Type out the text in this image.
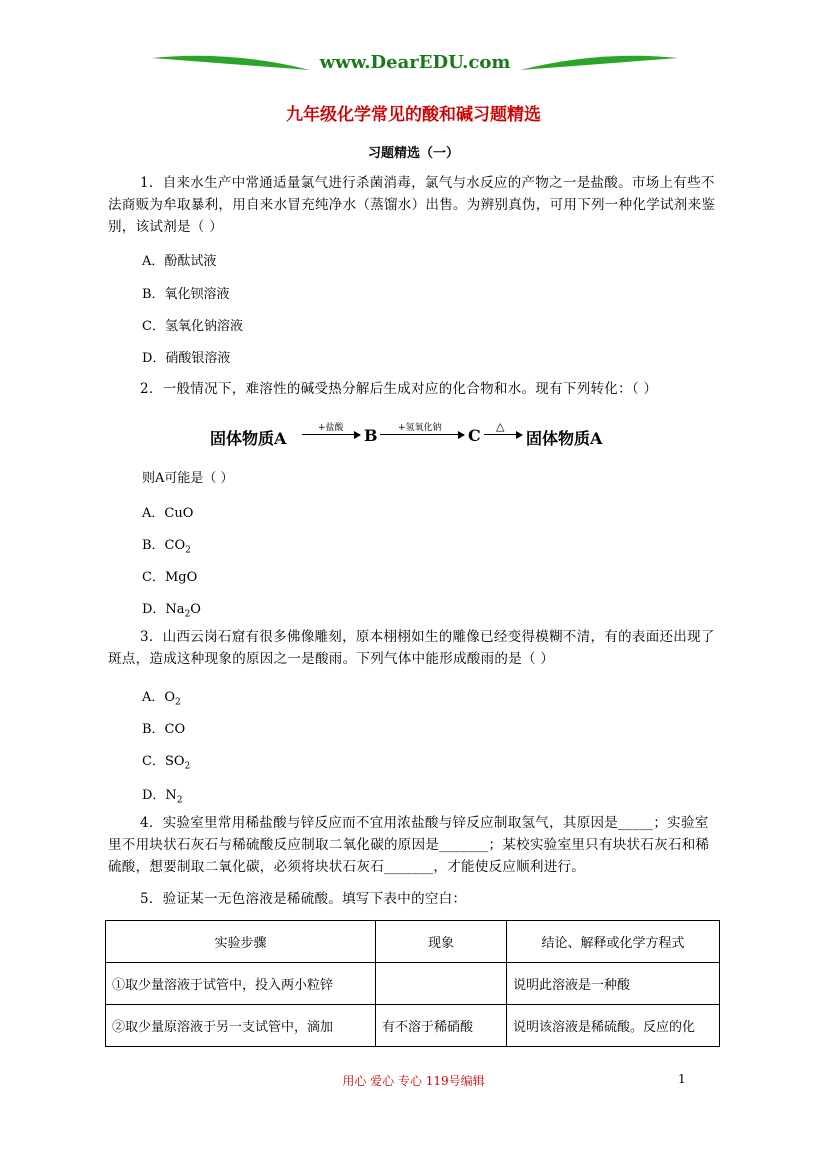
www.DearEDU.com
九年级化学常见的酸和碱习题精选
习题精选（一）
1．自来水生产中常通适量氯气进行杀菌消毒，氯气与水反应的产物之一是盐酸。市场上有些不法商贩为牟取暴利，用自来水冒充纯净水（蒸馏水）出售。为辨别真伪，可用下列一种化学试剂来鉴别，该试剂是（ ）
A．酚酞试液
B．氧化钡溶液
C．氢氧化钠溶液
D．硝酸银溶液
2．一般情况下，难溶性的碱受热分解后生成对应的化合物和水。现有下列转化：（ ）
固体物质A
+盐酸 → B +氢氧化钠 C △
→ 固体物质A
则A可能是（ ）
A．CuO
B．$CO_2$
C．MgO
D．$Na_2O$
3．山西云岗石窟有很多佛像雕刻，原本栩栩如生的雕像已经变得模糊不清，有的表面还出现了斑点，造成这种现象的原因之一是酸雨。下列气体中能形成酸雨的是（ ）
A．$O_2$
B．CO
C．$SO_2$
D．$N_2$
4．实验室里常用稀盐酸与锌反应而不宜用浓盐酸与锌反应制取氢气，其原因是_____；实验室里不用块状石灰石与稀硫酸反应制取二氧化碳的原因是_______；某校实验室里只有块状石灰石和稀硫酸，想要制取二氧化碳，必须将块状石灰石_______，才能使反应顺利进行。
5．验证某一无色溶液是稀硫酸。填写下表中的空白：
实验步骤	现象	结论、解释或化学方程式
①取少量溶液于试管中，投入两小粒锌		说明此溶液是一种酸
②取少量原溶液于另一支试管中，滴加	有不溶于稀硝酸	说明该溶液是稀硫酸。反应的化
用心 爱心 专心 119号编辑	1
